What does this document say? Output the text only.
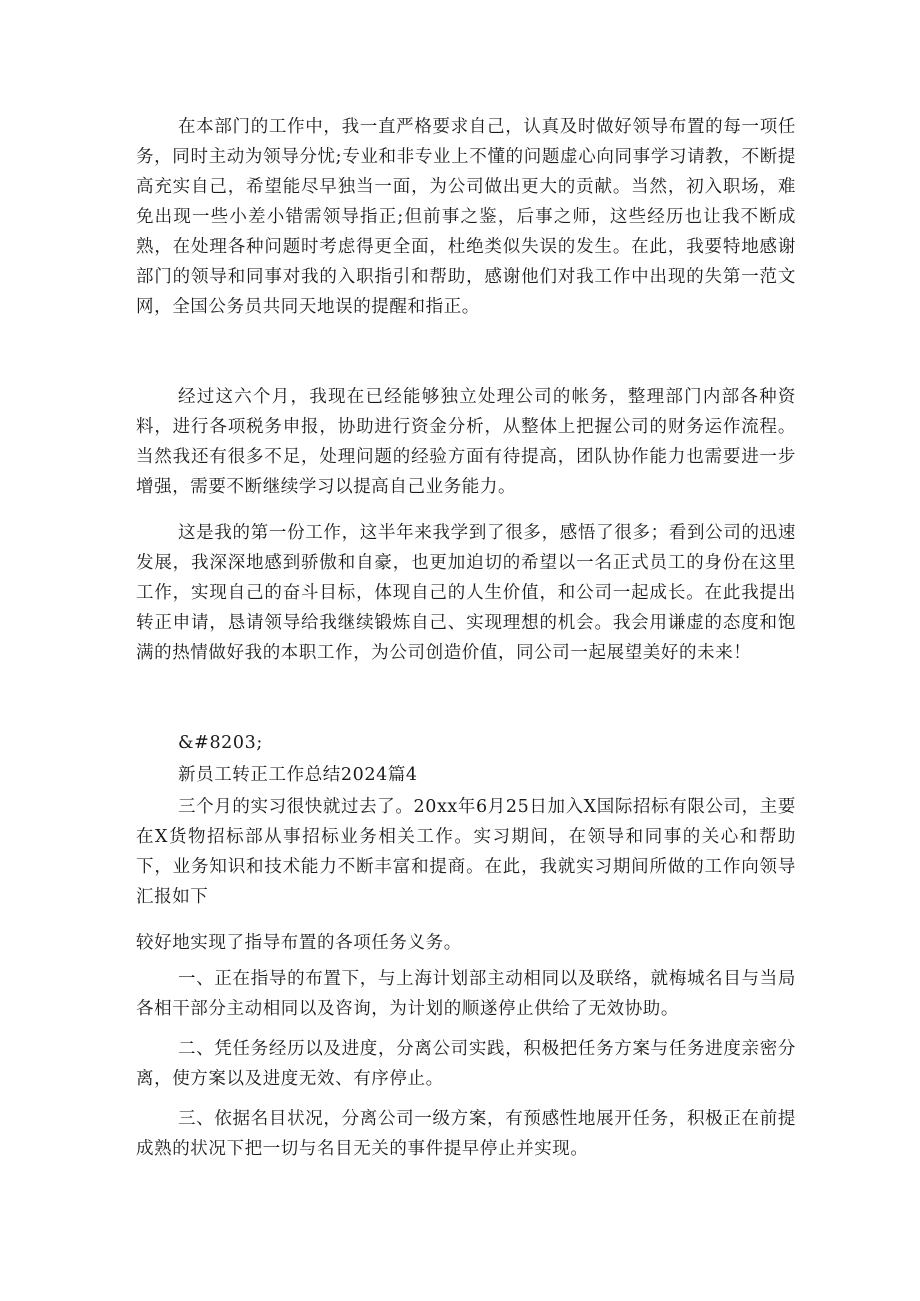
在本部门的工作中，我一直严格要求自己，认真及时做好领导布置的每一项任务，同时主动为领导分忧;专业和非专业上不懂的问题虚心向同事学习请教，不断提高充实自己，希望能尽早独当一面，为公司做出更大的贡献。当然，初入职场，难免出现一些小差小错需领导指正;但前事之鉴，后事之师，这些经历也让我不断成熟，在处理各种问题时考虑得更全面，杜绝类似失误的发生。在此，我要特地感谢部门的领导和同事对我的入职指引和帮助，感谢他们对我工作中出现的失第一范文网，全国公务员共同天地误的提醒和指正。

经过这六个月，我现在已经能够独立处理公司的帐务，整理部门内部各种资料，进行各项税务申报，协助进行资金分析，从整体上把握公司的财务运作流程。当然我还有很多不足，处理问题的经验方面有待提高，团队协作能力也需要进一步增强，需要不断继续学习以提高自己业务能力。

这是我的第一份工作，这半年来我学到了很多，感悟了很多；看到公司的迅速发展，我深深地感到骄傲和自豪，也更加迫切的希望以一名正式员工的身份在这里工作，实现自己的奋斗目标，体现自己的人生价值，和公司一起成长。在此我提出转正申请，恳请领导给我继续锻炼自己、实现理想的机会。我会用谦虚的态度和饱满的热情做好我的本职工作，为公司创造价值，同公司一起展望美好的未来！

&#8203;

新员工转正工作总结2024篇4

三个月的实习很快就过去了。20xx年6月25日加入X国际招标有限公司，主要在X货物招标部从事招标业务相关工作。实习期间，在领导和同事的关心和帮助下，业务知识和技术能力不断丰富和提商。在此，我就实习期间所做的工作向领导汇报如下

较好地实现了指导布置的各项任务义务。

一、正在指导的布置下，与上海计划部主动相同以及联络，就梅城名目与当局各相干部分主动相同以及咨询，为计划的顺遂停止供给了无效协助。

二、凭任务经历以及进度，分离公司实践，积极把任务方案与任务进度亲密分离，使方案以及进度无效、有序停止。

三、依据名目状况，分离公司一级方案，有预感性地展开任务，积极正在前提成熟的状况下把一切与名目无关的事件提早停止并实现。
